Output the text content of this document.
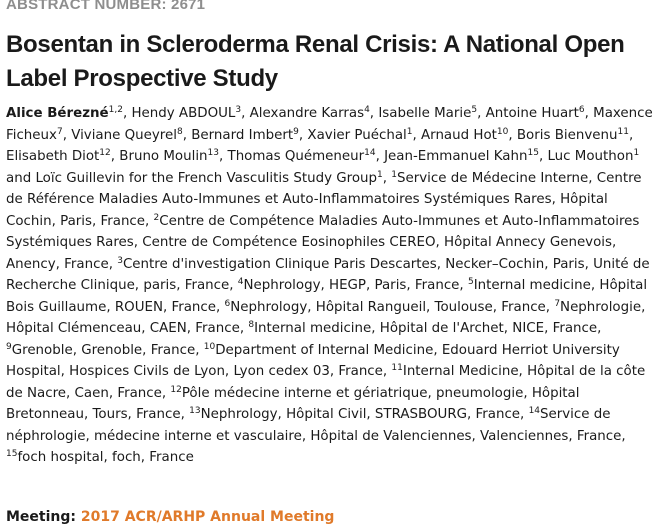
ABSTRACT NUMBER: 2671
Bosentan in Scleroderma Renal Crisis: A National Open Label Prospective Study

Alice Bérezné$^{1,2}$, Hendy ABDOUL$^3$, Alexandre Karras$^4$, Isabelle Marie$^5$, Antoine Huart$^6$, Maxence Ficheux$^7$, Viviane Queyrel$^8$, Bernard Imbert$^9$, Xavier Puéchal$^1$, Arnaud Hot$^{10}$, Boris Bienvenu$^{11}$, Elisabeth Diot$^{12}$, Bruno Moulin$^{13}$, Thomas Quémeneur$^{14}$, Jean-Emmanuel Kahn$^{15}$, Luc Mouthon$^1$ and Loïc Guillevin for the French Vasculitis Study Group$^1$, $^1$Service de Médecine Interne, Centre de Référence Maladies Auto-Immunes et Auto-Inflammatoires Systémiques Rares, Hôpital Cochin, Paris, France, $^2$Centre de Compétence Maladies Auto-Immunes et Auto-Inflammatoires Systémiques Rares, Centre de Compétence Eosinophiles CEREO, Hôpital Annecy Genevois, Anency, France, $^3$Centre d'investigation Clinique Paris Descartes, Necker–Cochin, Paris, Unité de Recherche Clinique, paris, France, $^4$Nephrology, HEGP, Paris, France, $^5$Internal medicine, Hôpital Bois Guillaume, ROUEN, France, $^6$Nephrology, Hôpital Rangueil, Toulouse, France, $^7$Nephrologie, Hôpital Clémenceau, CAEN, France, $^8$Internal medicine, Hôpital de l'Archet, NICE, France, $^9$Grenoble, Grenoble, France, $^{10}$Department of Internal Medicine, Edouard Herriot University Hospital, Hospices Civils de Lyon, Lyon cedex 03, France, $^{11}$Internal Medicine, Hôpital de la côte de Nacre, Caen, France, $^{12}$Pôle médecine interne et gériatrique, pneumologie, Hôpital Bretonneau, Tours, France, $^{13}$Nephrology, Hôpital Civil, STRASBOURG, France, $^{14}$Service de néphrologie, médecine interne et vasculaire, Hôpital de Valenciennes, Valenciennes, France, $^{15}$foch hospital, foch, France

Meeting: 2017 ACR/ARHP Annual Meeting
